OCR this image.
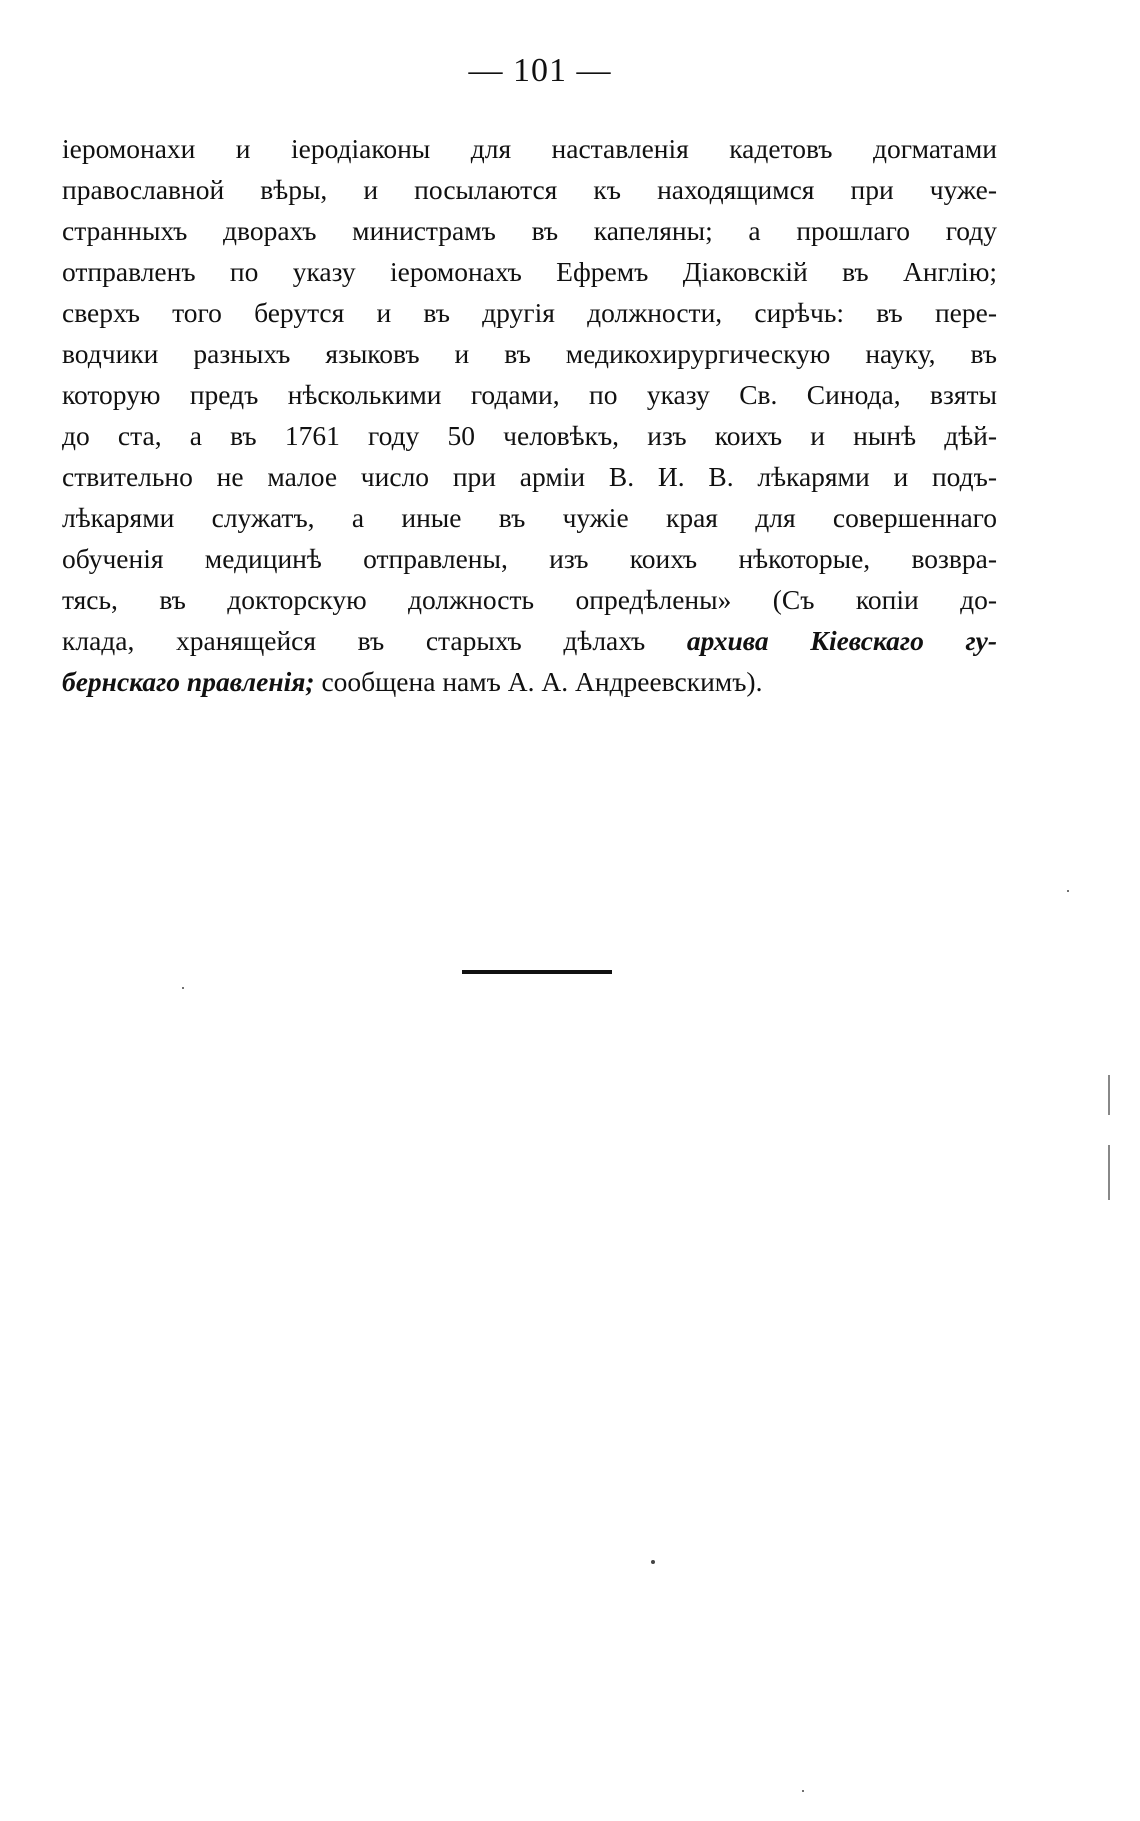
— 101 —
іеромонахи и іеродіаконы для наставленія кадетовъ догматами
православной вѣры, и посылаются къ находящимся при чуже-
странныхъ дворахъ министрамъ въ капеляны; а прошлаго году
отправленъ по указу іеромонахъ Ефремъ Діаковскій въ Англію;
сверхъ того берутся и въ другія должности, сирѣчь: въ пере-
водчики разныхъ языковъ и въ медикохирургическую науку, въ
которую предъ нѣсколькими годами, по указу Св. Синода, взяты
до ста, а въ 1761 году 50 человѣкъ, изъ коихъ и нынѣ дѣй-
ствительно не малое число при арміи В. И. В. лѣкарями и подъ-
лѣкарями служатъ, а иные въ чужіе края для совершеннаго
обученія медицинѣ отправлены, изъ коихъ нѣкоторые, возвра-
тясь, въ докторскую должность опредѣлены» (Съ копіи до-
клада, хранящейся въ старыхъ дѣлахъ архива Кіевскаго гу-
бернскаго правленія; сообщена намъ А. А. Андреевскимъ).
